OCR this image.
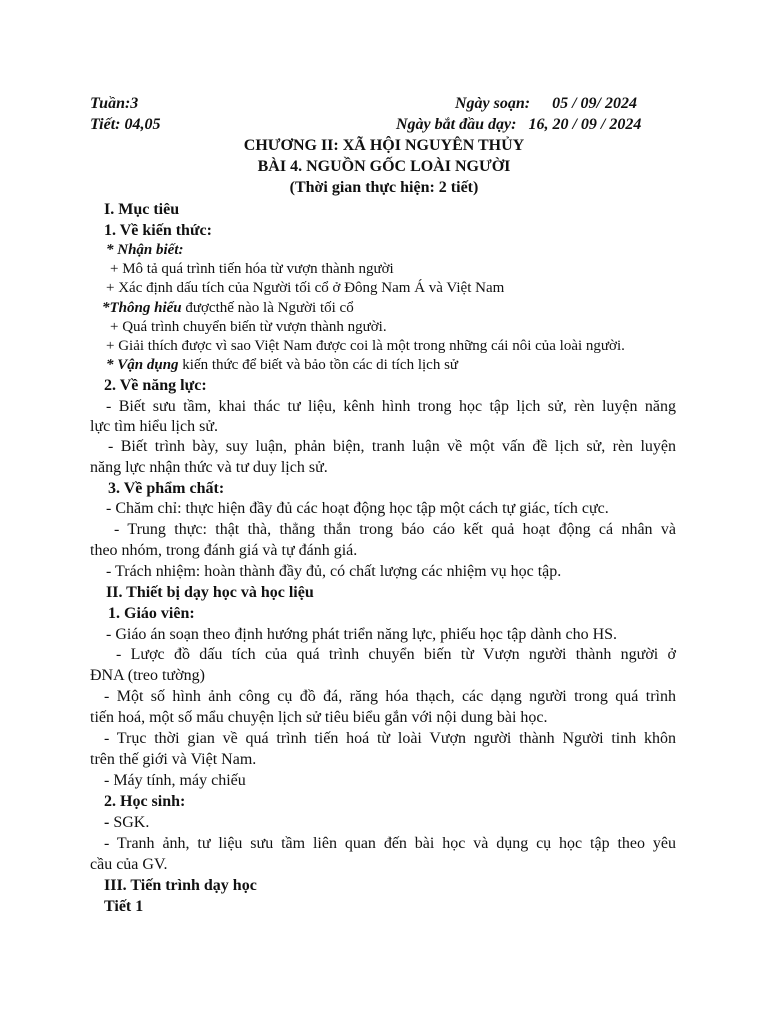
Tuần:3	Ngày soạn: 05 / 09/ 2024
Tiết: 04,05	Ngày bắt đầu dạy: 16, 20 / 09 / 2024
CHƯƠNG II: XÃ HỘI NGUYÊN THỦY
BÀI 4. NGUỒN GỐC LOÀI NGƯỜI
(Thời gian thực hiện: 2 tiết)
I. Mục tiêu
1. Về kiến thức:
* Nhận biết:
+ Mô tả quá trình tiến hóa từ vượn thành người
+ Xác định dấu tích của Người tối cổ ở Đông Nam Á và Việt Nam
*Thông hiểu đượcthế nào là Người tối cổ
+ Quá trình chuyển biến từ vượn thành người.
+ Giải thích được vì sao Việt Nam được coi là một trong những cái nôi của loài người.
* Vận dụng kiến thức để biết và bảo tồn các di tích lịch sử
2. Về năng lực:
- Biết sưu tầm, khai thác tư liệu, kênh hình trong học tập lịch sử, rèn luyện năng
lực tìm hiểu lịch sử.
- Biết trình bày, suy luận, phản biện, tranh luận về một vấn đề lịch sử, rèn luyện
năng lực nhận thức và tư duy lịch sử.
3. Về phẩm chất:
- Chăm chỉ: thực hiện đầy đủ các hoạt động học tập một cách tự giác, tích cực.
- Trung thực: thật thà, thẳng thắn trong báo cáo kết quả hoạt động cá nhân và
theo nhóm, trong đánh giá và tự đánh giá.
- Trách nhiệm: hoàn thành đầy đủ, có chất lượng các nhiệm vụ học tập.
II. Thiết bị dạy học và học liệu
1. Giáo viên:
- Giáo án soạn theo định hướng phát triển năng lực, phiếu học tập dành cho HS.
- Lược đồ dấu tích của quá trình chuyển biến từ Vượn người thành người ở
ĐNA (treo tường)
- Một số hình ảnh công cụ đồ đá, răng hóa thạch, các dạng người trong quá trình
tiến hoá, một số mẩu chuyện lịch sử tiêu biểu gắn với nội dung bài học.
- Trục thời gian về quá trình tiến hoá từ loài Vượn người thành Người tinh khôn
trên thế giới và Việt Nam.
- Máy tính, máy chiếu
2. Học sinh:
- SGK.
- Tranh ảnh, tư liệu sưu tầm liên quan đến bài học và dụng cụ học tập theo yêu
cầu của GV.
III. Tiến trình dạy học
Tiết 1
